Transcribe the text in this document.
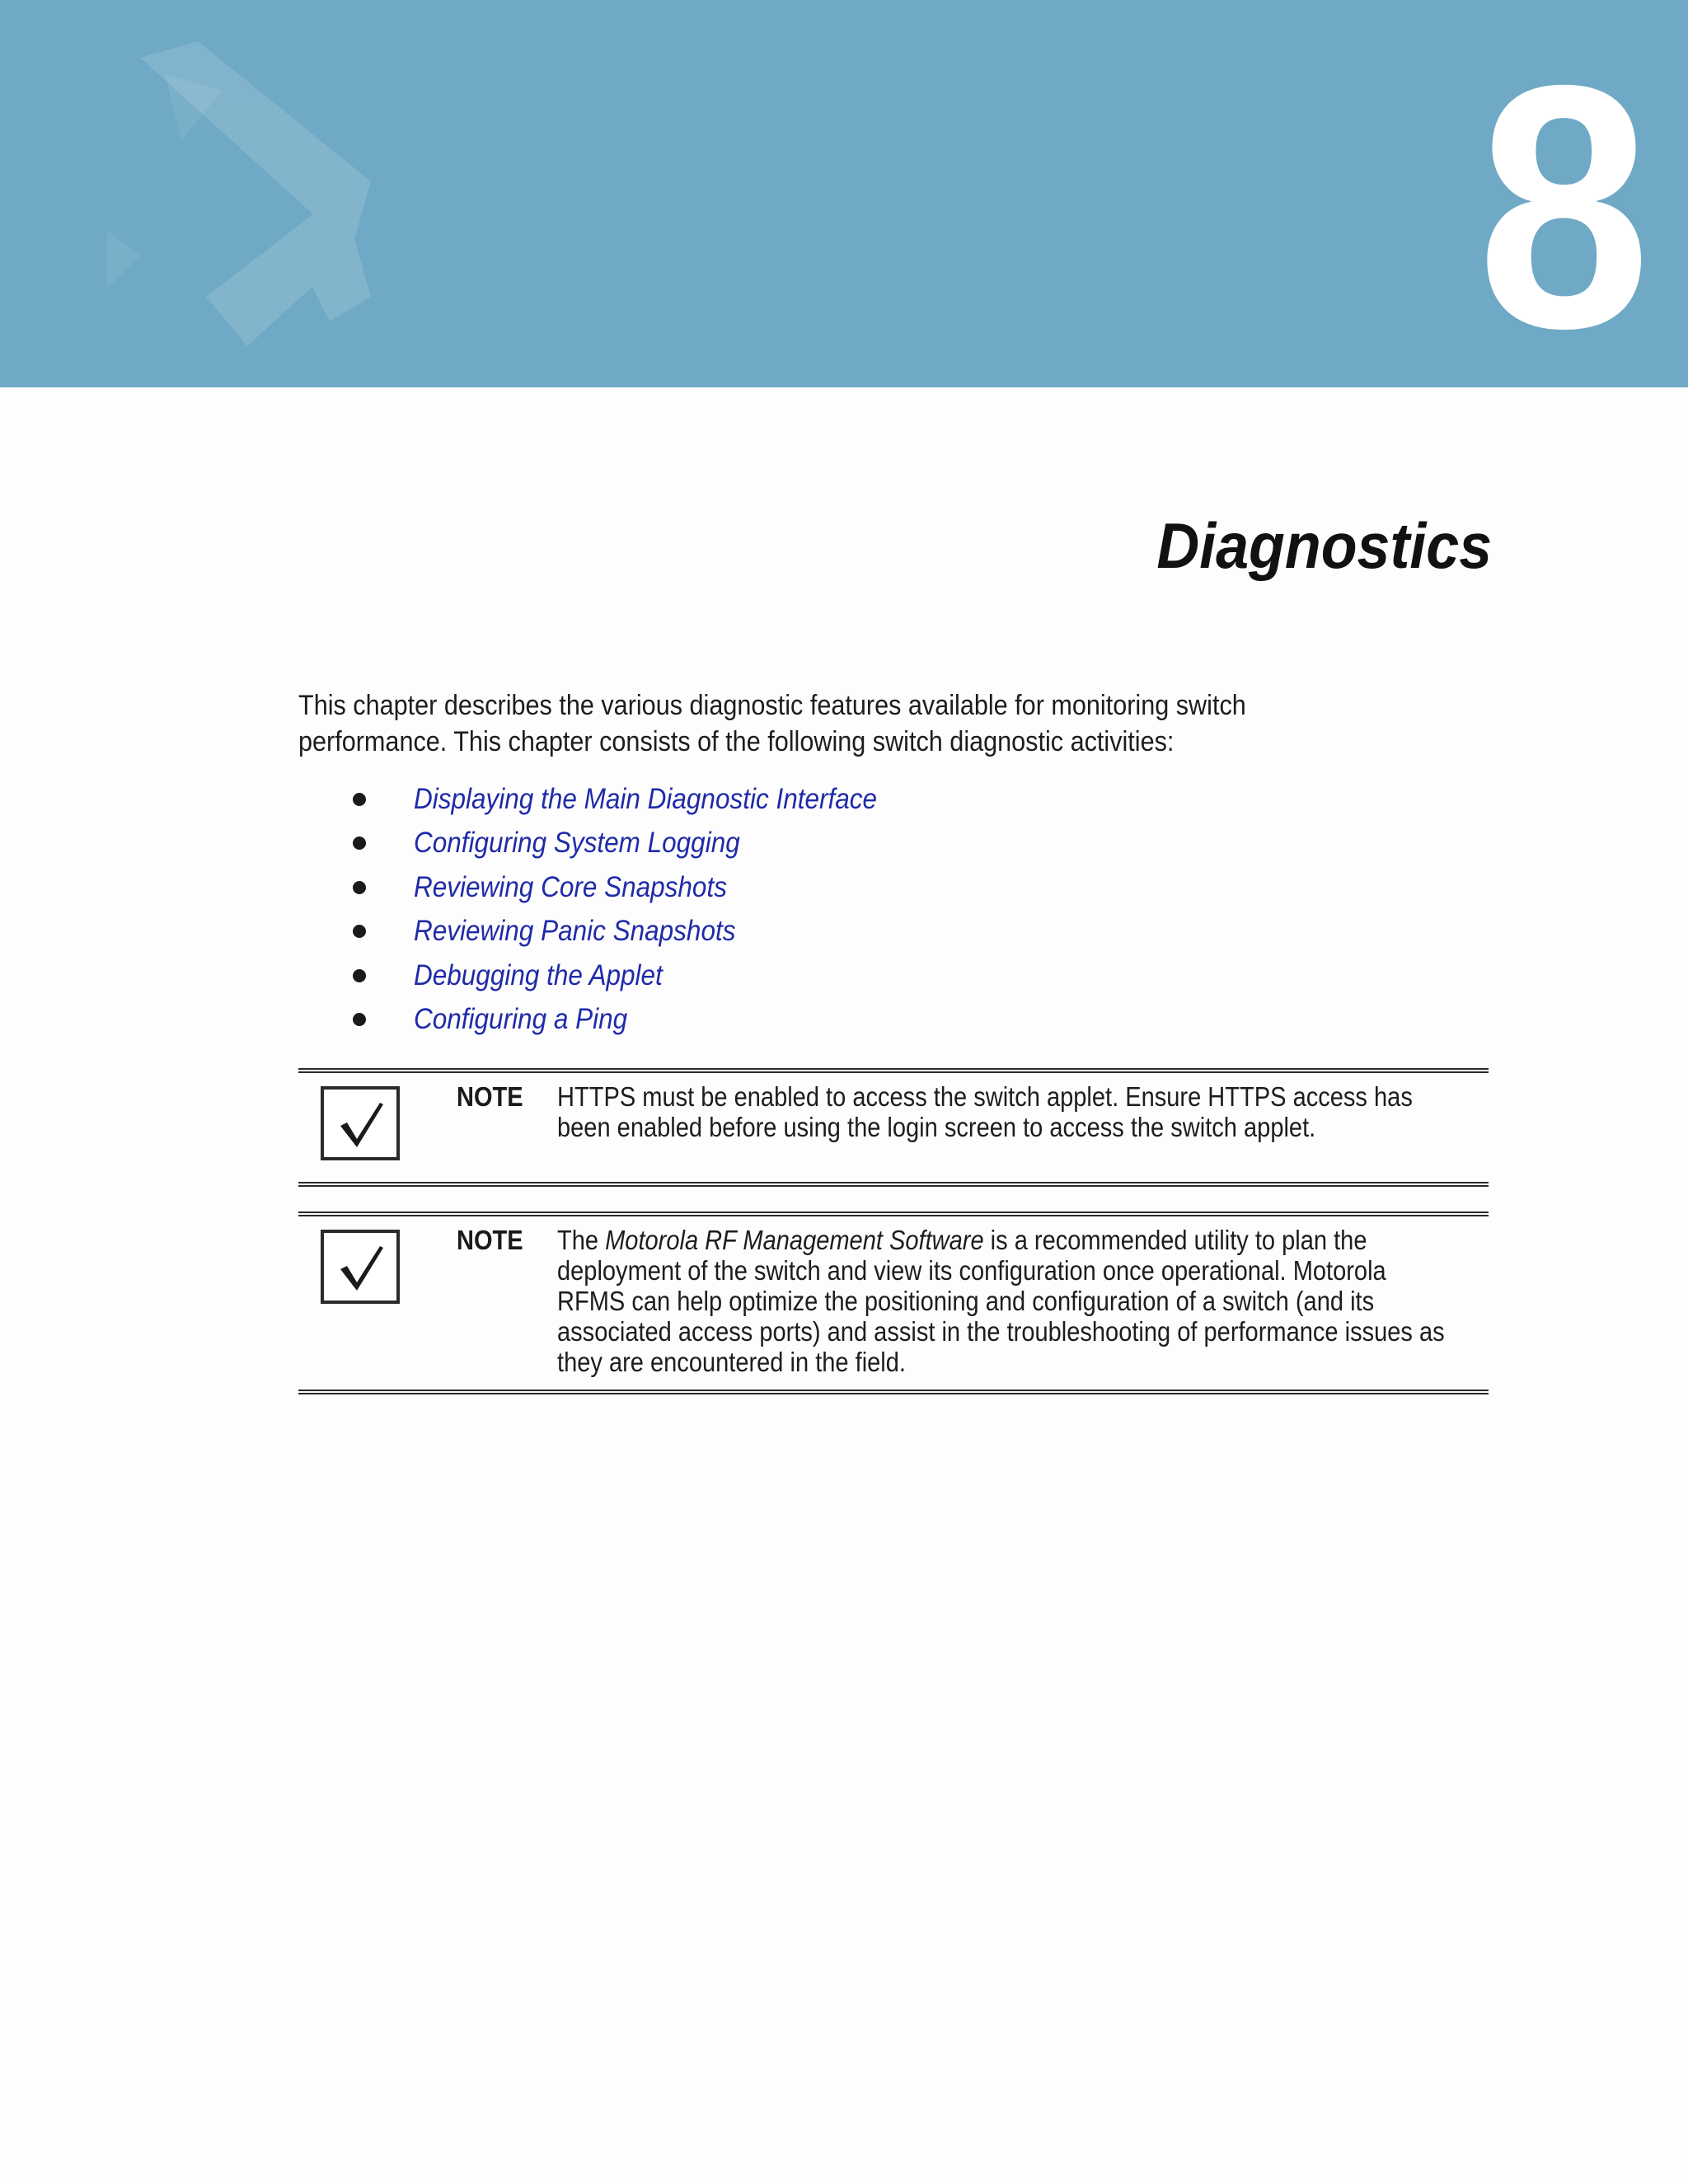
8
Diagnostics

This chapter describes the various diagnostic features available for monitoring switch performance. This chapter consists of the following switch diagnostic activities:

Displaying the Main Diagnostic Interface
Configuring System Logging
Reviewing Core Snapshots
Reviewing Panic Snapshots
Debugging the Applet
Configuring a Ping
NOTE HTTPS must be enabled to access the switch applet. Ensure HTTPS access has been enabled before using the login screen to access the switch applet.
NOTE The Motorola RF Management Software is a recommended utility to plan the deployment of the switch and view its configuration once operational. Motorola RFMS can help optimize the positioning and configuration of a switch (and its associated access ports) and assist in the troubleshooting of performance issues as they are encountered in the field.
